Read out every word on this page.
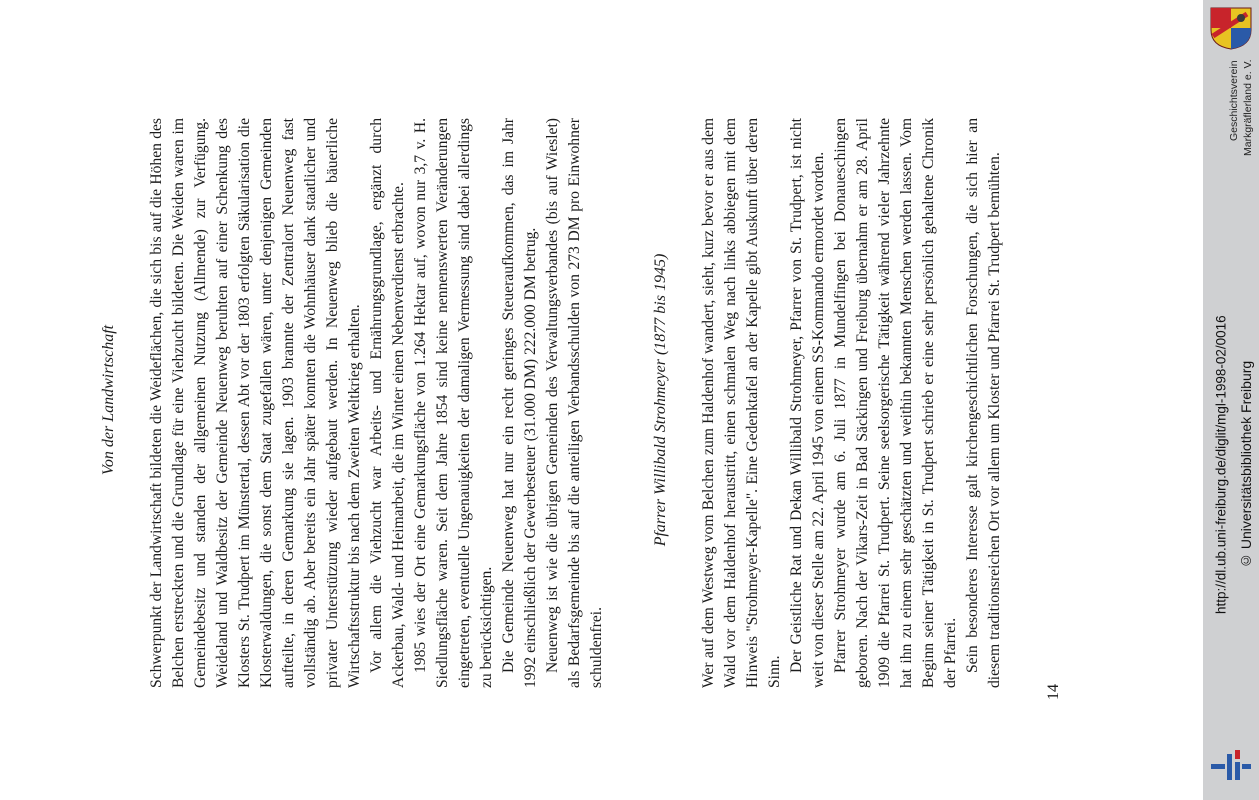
Von der Landwirtschaft Schwerpunkt der Landwirtschaft bildeten die Weideflächen, die sich bis auf die Höhen des Belchen erstreckten und die Grundlage für eine Viehzucht bildeten. Die Weiden waren im Gemeindebesitz und standen der allgemeinen Nutzung (Allmende) zur Verfügung. Weideland und Waldbesitz der Gemeinde Neuenweg beruhten auf einer Schenkung des Klosters St. Trudpert im Münstertal, dessen Abt vor der 1803 erfolgten Säkularisation die Klosterwaldungen, die sonst dem Staat zugefallen wären, unter denjenigen Gemeinden aufteilte, in deren Gemarkung sie lagen. 1903 brannte der Zentralort Neuenweg fast vollständig ab. Aber bereits ein Jahr später konnten die Wohnhäuser dank staatlicher und privater Unterstützung wieder aufgebaut werden. In Neuenweg blieb die bäuerliche Wirtschaftsstruktur bis nach dem Zweiten Weltkrieg erhalten. Vor allem die Viehzucht war Arbeits- und Ernährungsgrundlage, ergänzt durch Ackerbau, Wald- und Heimarbeit, die im Winter einen Nebenverdienst erbrachte. 1985 wies der Ort eine Gemarkungsfläche von 1.264 Hektar auf, wovon nur 3,7 v. H. Siedlungsfläche waren. Seit dem Jahre 1854 sind keine nennenswerten Veränderungen eingetreten, eventuelle Ungenauigkeiten der damaligen Vermessung sind dabei allerdings zu berücksichtigen. Die Gemeinde Neuenweg hat nur ein recht geringes Steueraufkommen, das im Jahr 1992 einschließlich der Gewerbesteuer (31.000 DM) 222.000 DM betrug. Neuenweg ist wie die übrigen Gemeinden des Verwaltungsverbandes (bis auf Wieslet) als Bedarfsgemeinde bis auf die anteiligen Verbandsschulden von 273 DM pro Einwohner schuldenfrei.

Pfarrer Willibald Strohmeyer (1877 bis 1945) Wer auf dem Westweg vom Belchen zum Haldenhof wandert, sieht, kurz bevor er aus dem Wald vor dem Haldenhof heraustritt, einen schmalen Weg nach links abbiegen mit dem Hinweis "Strohmeyer-Kapelle". Eine Gedenktafel an der Kapelle gibt Auskunft über deren Sinn. Der Geistliche Rat und Dekan Willibald Strohmeyer, Pfarrer von St. Trudpert, ist nicht weit von dieser Stelle am 22. April 1945 von einem SS-Kommando ermordet worden. Pfarrer Strohmeyer wurde am 6. Juli 1877 in Mundelfingen bei Donaueschingen geboren. Nach der Vikars-Zeit in Bad Säckingen und Freiburg übernahm er am 28. April 1909 die Pfarrei St. Trudpert. Seine seelsorgerische Tätigkeit während vieler Jahrzehnte hat ihn zu einem sehr geschätzten und weithin bekannten Menschen werden lassen. Vom Beginn seiner Tätigkeit in St. Trudpert schrieb er eine sehr persönlich gehaltene Chronik der Pfarrei. Sein besonderes Interesse galt kirchengeschichtlichen Forschungen, die sich hier an diesem traditionsreichen Ort vor allem um Kloster und Pfarrei St. Trudpert bemühten.

14
Geschichtsverein Markgräflerland e. V.
http://dl.ub.uni-freiburg.de/diglit/mgl-1998-02/0016 © Universitätsbibliothek Freiburg
